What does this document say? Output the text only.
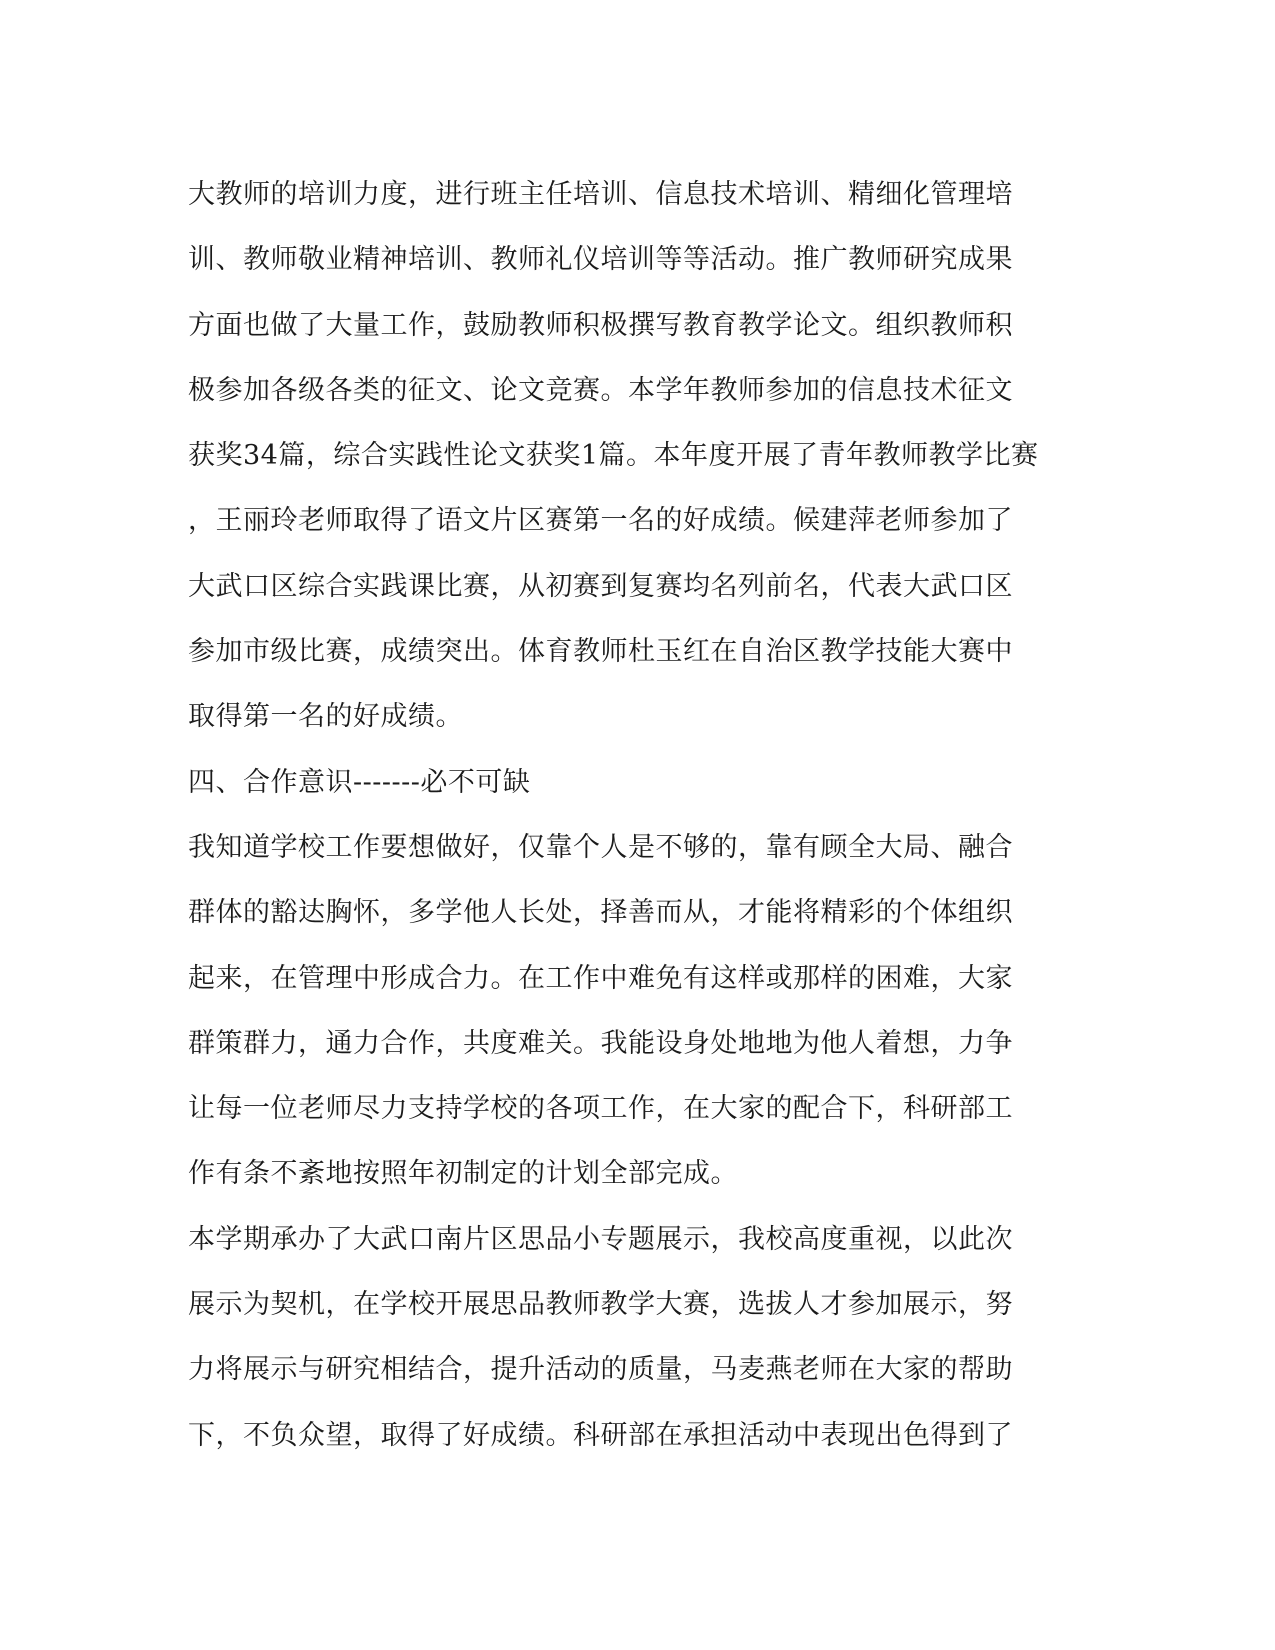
大教师的培训力度，进行班主任培训、信息技术培训、精细化管理培
训、教师敬业精神培训、教师礼仪培训等等活动。推广教师研究成果
方面也做了大量工作，鼓励教师积极撰写教育教学论文。组织教师积
极参加各级各类的征文、论文竞赛。本学年教师参加的信息技术征文
获奖34篇，综合实践性论文获奖1篇。本年度开展了青年教师教学比赛
，王丽玲老师取得了语文片区赛第一名的好成绩。候建萍老师参加了
大武口区综合实践课比赛，从初赛到复赛均名列前名，代表大武口区
参加市级比赛，成绩突出。体育教师杜玉红在自治区教学技能大赛中
取得第一名的好成绩。
四、合作意识-------必不可缺
我知道学校工作要想做好，仅靠个人是不够的，靠有顾全大局、融合
群体的豁达胸怀，多学他人长处，择善而从，才能将精彩的个体组织
起来，在管理中形成合力。在工作中难免有这样或那样的困难，大家
群策群力，通力合作，共度难关。我能设身处地地为他人着想，力争
让每一位老师尽力支持学校的各项工作，在大家的配合下，科研部工
作有条不紊地按照年初制定的计划全部完成。
本学期承办了大武口南片区思品小专题展示，我校高度重视，以此次
展示为契机，在学校开展思品教师教学大赛，选拔人才参加展示，努
力将展示与研究相结合，提升活动的质量，马麦燕老师在大家的帮助
下，不负众望，取得了好成绩。科研部在承担活动中表现出色得到了
